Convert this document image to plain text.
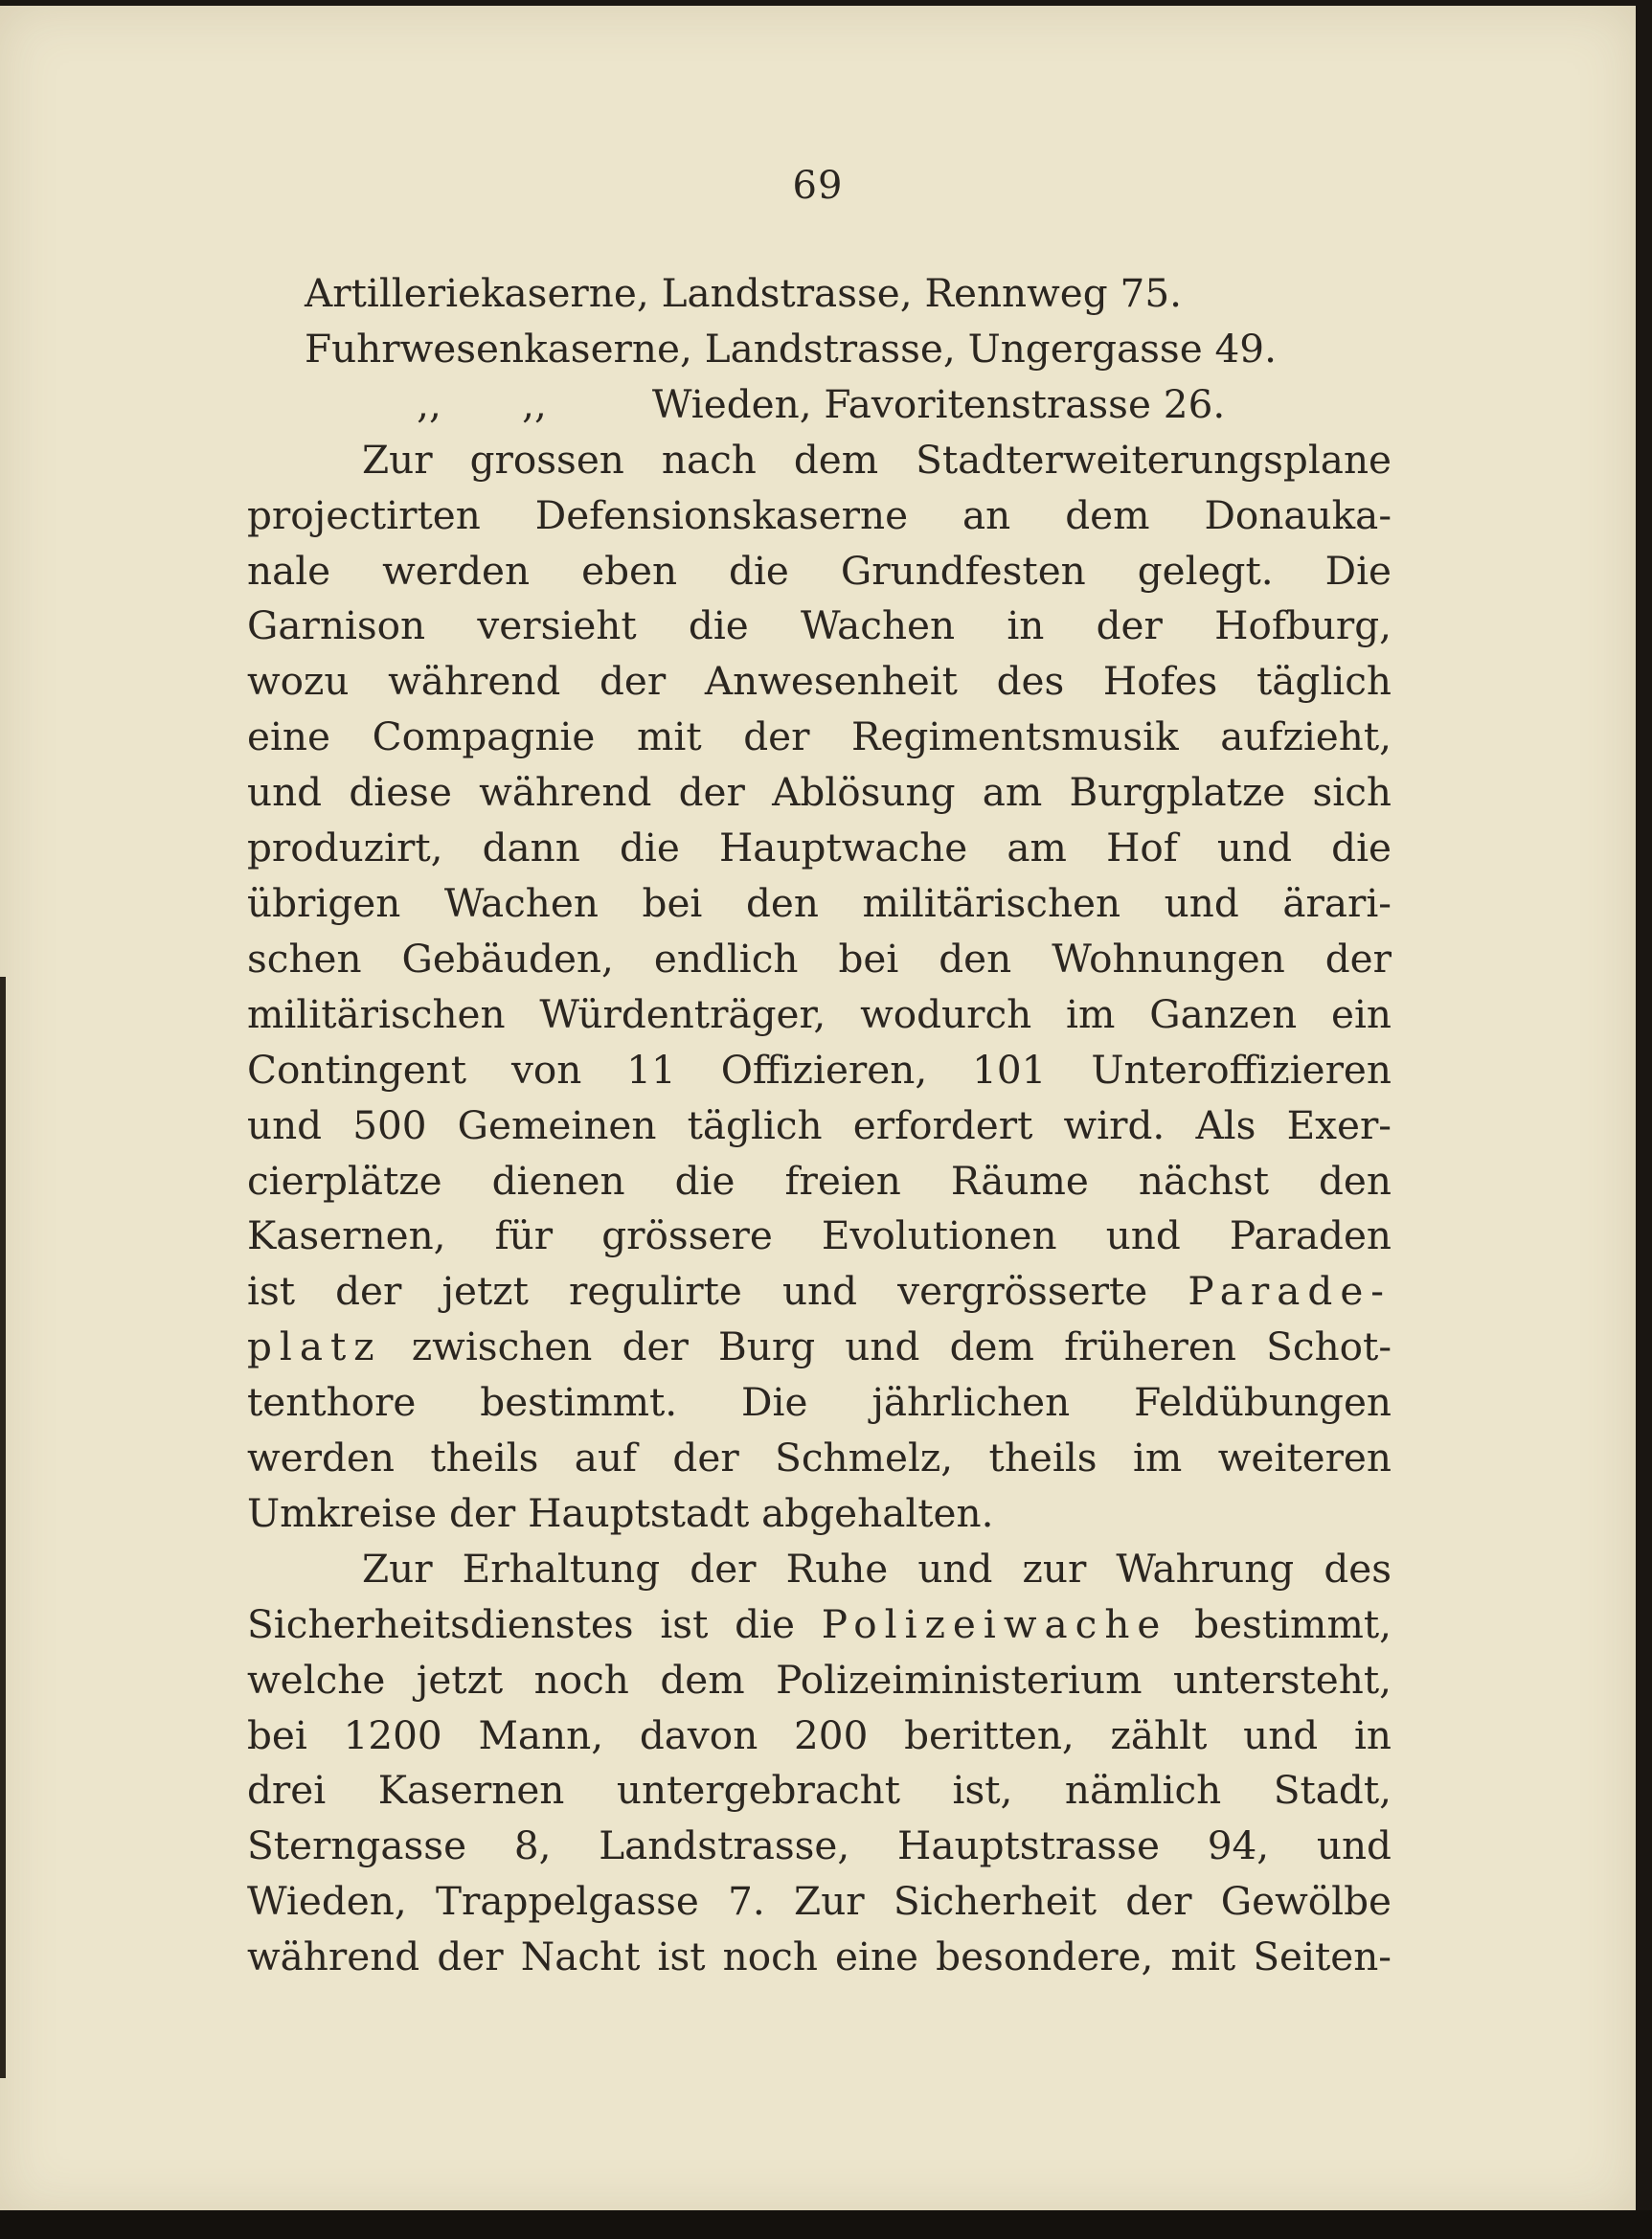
69
Artilleriekaserne, Landstrasse, Rennweg 75.
Fuhrwesenkaserne, Landstrasse, Ungergasse 49.
,, ,,	Wieden, Favoritenstrasse 26.
Zur grossen nach dem Stadterweiterungsplane
projectirten Defensionskaserne an dem Donauka-
nale werden eben die Grundfesten gelegt. Die
Garnison versieht die Wachen in der Hofburg,
wozu während der Anwesenheit des Hofes täglich
eine Compagnie mit der Regimentsmusik aufzieht,
und diese während der Ablösung am Burgplatze sich
produzirt, dann die Hauptwache am Hof und die
übrigen Wachen bei den militärischen und ärari-
schen Gebäuden, endlich bei den Wohnungen der
militärischen Würdenträger, wodurch im Ganzen ein
Contingent von 11 Offizieren, 101 Unteroffizieren
und 500 Gemeinen täglich erfordert wird. Als Exer-
cierplätze dienen die freien Räume nächst den
Kasernen, für grössere Evolutionen und Paraden
ist der jetzt regulirte und vergrösserte Parade-
platz zwischen der Burg und dem früheren Schot-
tenthore bestimmt. Die jährlichen Feldübungen
werden theils auf der Schmelz, theils im weiteren
Umkreise der Hauptstadt abgehalten.
Zur Erhaltung der Ruhe und zur Wahrung des
Sicherheitsdienstes ist die Polizeiwache bestimmt,
welche jetzt noch dem Polizeiministerium untersteht,
bei 1200 Mann, davon 200 beritten, zählt und in
drei Kasernen untergebracht ist, nämlich Stadt,
Sterngasse 8, Landstrasse, Hauptstrasse 94, und
Wieden, Trappelgasse 7. Zur Sicherheit der Gewölbe
während der Nacht ist noch eine besondere, mit Seiten-
